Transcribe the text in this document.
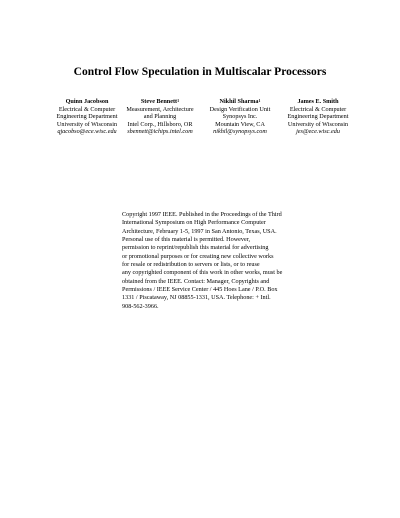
Control Flow Speculation in Multiscalar Processors
Quinn Jacobson
Electrical & Computer
Engineering Department
University of Wisconsin
qjacobso@ece.wisc.edu
Steve Bennett$^1$
Measurement, Architecture
and Planning
Intel Corp., Hillsboro, OR
sbennett@ichips.intel.com
Nikhil Sharma$^1$
Design Verification Unit
Synopsys Inc.
Mountain View, CA
nikhil@synopsys.com
James E. Smith
Electrical & Computer
Engineering Department
University of Wisconsin
jes@ece.wisc.edu
Copyright 1997 IEEE. Published in the Proceedings of the Third
International Symposium on High Performance Computer
Architecture, February 1-5, 1997 in San Antonio, Texas, USA.
Personal use of this material is permitted. However,
permission to reprint/republish this material for advertising
or promotional purposes or for creating new collective works
for resale or redistribution to servers or lists, or to reuse
any copyrighted component of this work in other works, must be
obtained from the IEEE. Contact: Manager, Copyrights and
Permissions / IEEE Service Center / 445 Hoes Lane / P.O. Box
1331 / Piscataway, NJ 08855-1331, USA. Telephone: + Intl.
908-562-3966.
